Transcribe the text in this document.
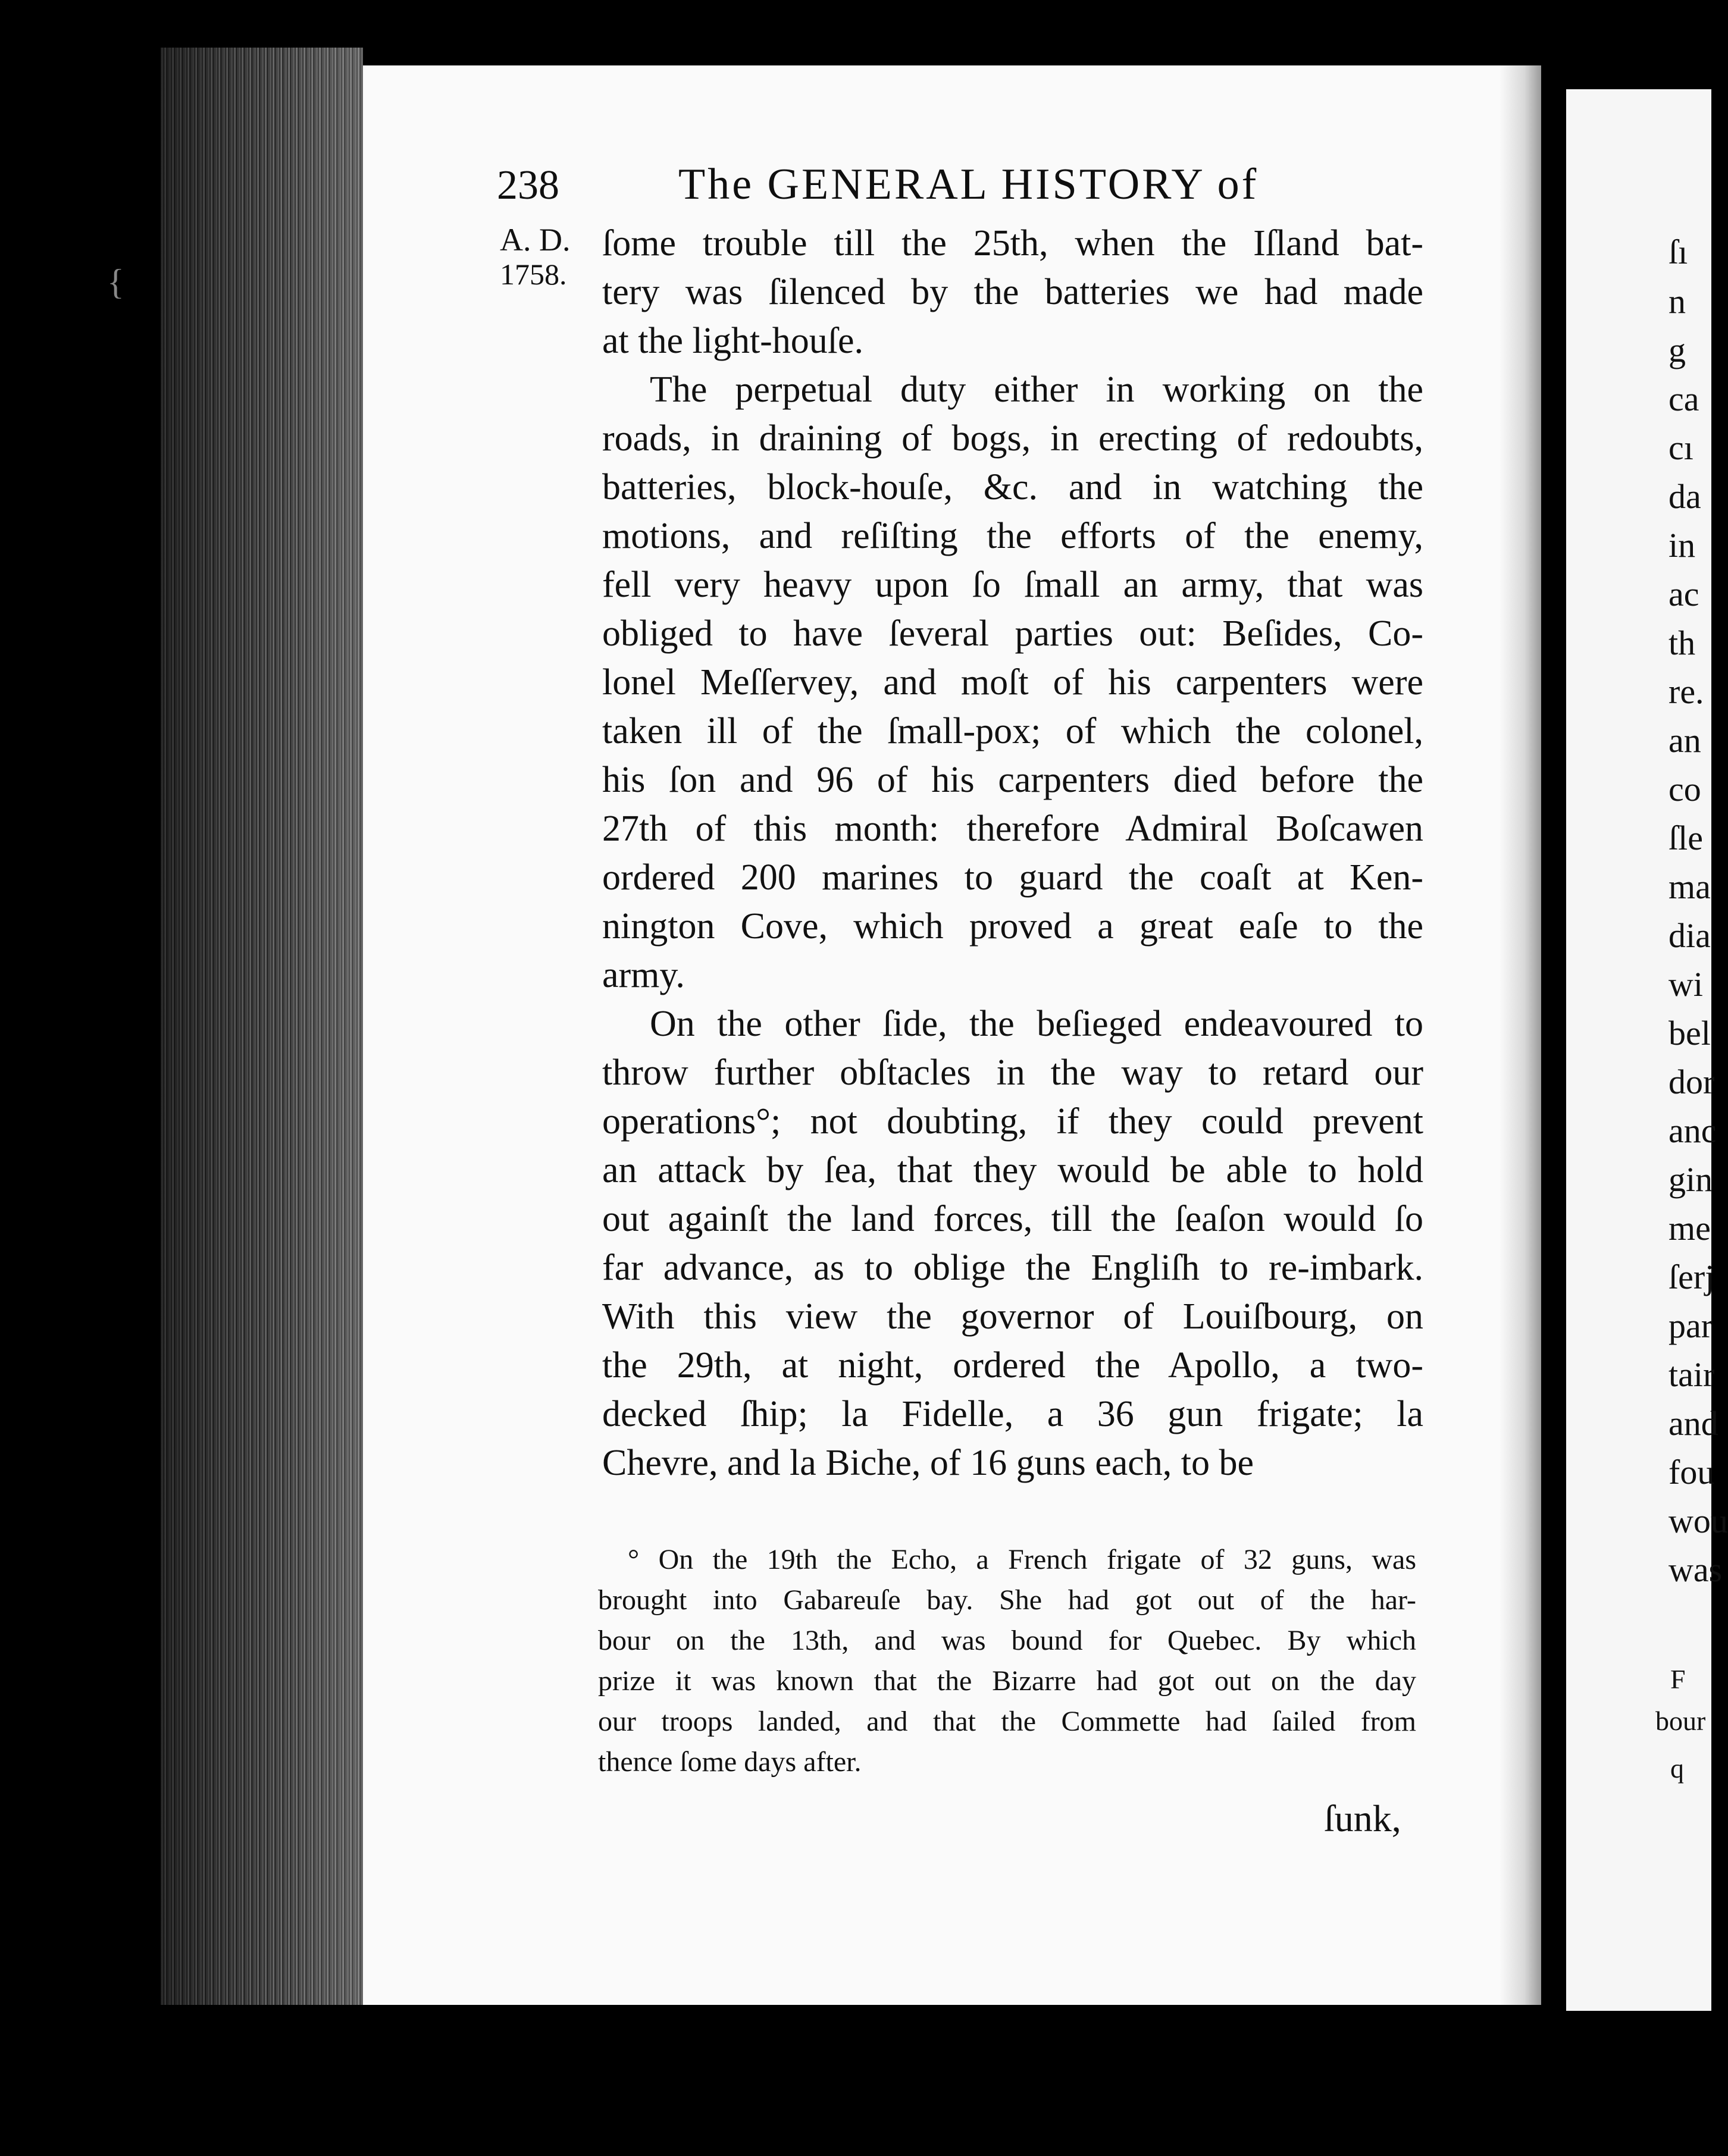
{
238	The GENERAL HISTORY of
A. D.
1758.
ſome trouble till the 25th, when the Iſland bat-
tery was ſilenced by the batteries we had made
at the light-houſe.
The perpetual duty either in working on the
roads, in draining of bogs, in erecting of redoubts,
batteries, block-houſe, &c. and in watching the
motions, and reſiſting the efforts of the enemy,
fell very heavy upon ſo ſmall an army, that was
obliged to have ſeveral parties out: Beſides, Co-
lonel Meſſervey, and moſt of his carpenters were
taken ill of the ſmall-pox; of which the colonel,
his ſon and 96 of his carpenters died before the
27th of this month: therefore Admiral Boſcawen
ordered 200 marines to guard the coaſt at Ken-
nington Cove, which proved a great eaſe to the
army.
On the other ſide, the beſieged endeavoured to
throw further obſtacles in the way to retard our
operations°; not doubting, if they could prevent
an attack by ſea, that they would be able to hold
out againſt the land forces, till the ſeaſon would ſo
far advance, as to oblige the Engliſh to re-imbark.
With this view the governor of Louiſbourg, on
the 29th, at night, ordered the Apollo, a two-
decked ſhip; la Fidelle, a 36 gun frigate; la
Chevre, and la Biche, of 16 guns each, to be
° On the 19th the Echo, a French frigate of 32 guns, was
brought into Gabareuſe bay. She had got out of the har-
bour on the 13th, and was bound for Quebec. By which
prize it was known that the Bizarre had got out on the day
our troops landed, and that the Commette had ſailed from
thence ſome days after.
ſunk,
ſı
n
g
ca
cı
da
in
ac
th
re.
an
co
ſle
ma
dia
wi
bel
dor
anc
gin
me
ſerj
par
tair
and
fou
wou
was
F
bour
q
